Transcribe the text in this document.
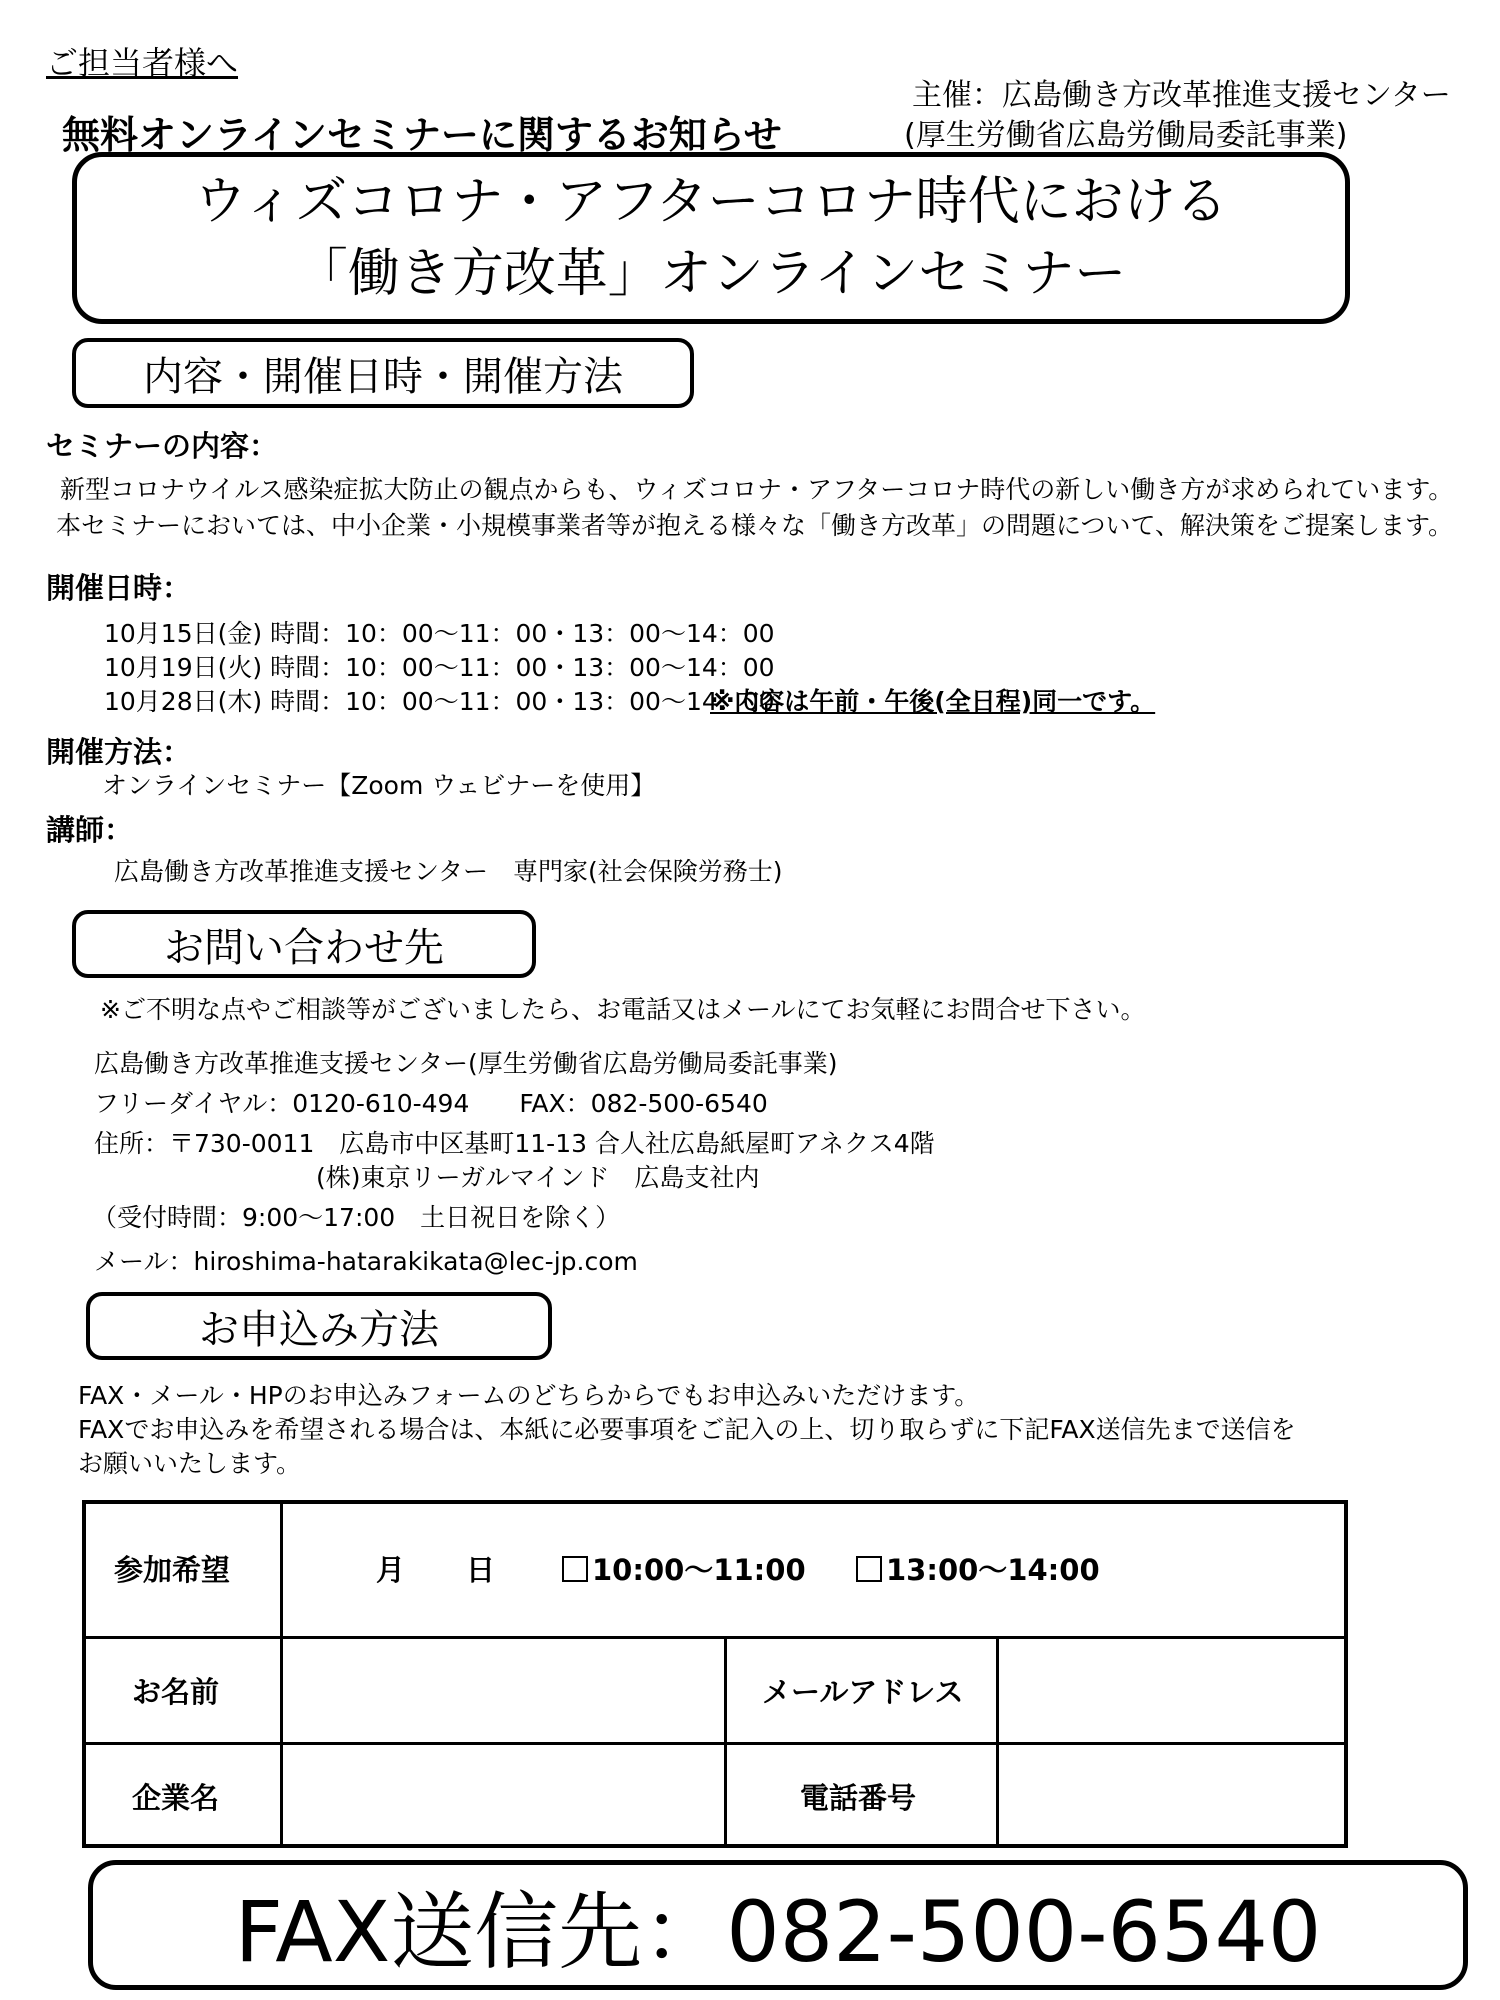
ご担当者様へ
無料オンラインセミナーに関するお知らせ
主催：広島働き方改革推進支援センター
(厚生労働省広島労働局委託事業)
ウィズコロナ・アフターコロナ時代における
「働き方改革」オンラインセミナー
内容・開催日時・開催方法
セミナーの内容：
新型コロナウイルス感染症拡大防止の観点からも、ウィズコロナ・アフターコロナ時代の新しい働き方が求められています。
本セミナーにおいては、中小企業・小規模事業者等が抱える様々な「働き方改革」の問題について、解決策をご提案します。
開催日時：
10月15日(金) 時間：10：00～11：00・13：00～14：00
10月19日(火) 時間：10：00～11：00・13：00～14：00
10月28日(木) 時間：10：00～11：00・13：00～14：00
※内容は午前・午後(全日程)同一です。
開催方法：
オンラインセミナー【Zoom ウェビナーを使用】
講師：
広島働き方改革推進支援センター　専門家(社会保険労務士)
お問い合わせ先
※ご不明な点やご相談等がございましたら、お電話又はメールにてお気軽にお問合せ下さい。
広島働き方改革推進支援センター(厚生労働省広島労働局委託事業)
フリーダイヤル：0120-610-494　　FAX：082-500-6540
住所：〒730-0011　広島市中区基町11-13 合人社広島紙屋町アネクス4階
(株)東京リーガルマインド　広島支社内
（受付時間：9:00～17:00　土日祝日を除く）
メール：hiroshima-hatarakikata@lec-jp.com
お申込み方法
FAX・メール・HPのお申込みフォームのどちらからでもお申込みいただけます。
FAXでお申込みを希望される場合は、本紙に必要事項をご記入の上、切り取らずに下記FAX送信先まで送信を
お願いいたします。
参加希望	月 日	10:00～11:00	13:00～14:00
お名前	メールアドレス
企業名	電話番号
FAX送信先：082-500-6540
